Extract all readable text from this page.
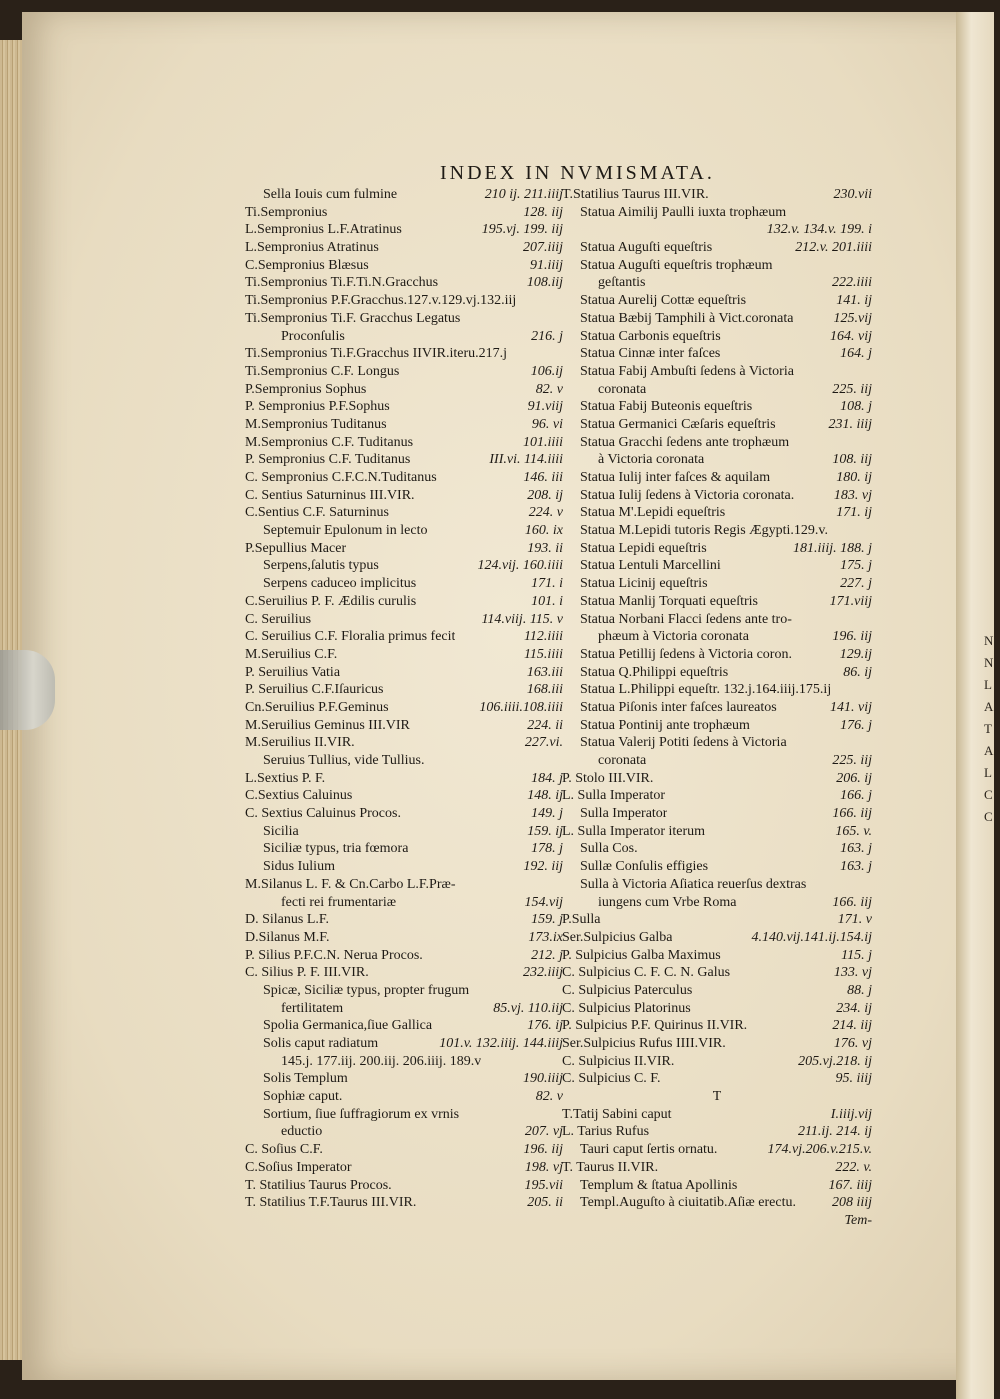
INDEX IN NVMISMATA.
Sella Iouis cum fulmine	210 ij. 211.iiij
Ti.Sempronius	128. iij
L.Sempronius L.F.Atratinus	195.vj. 199. iij
L.Sempronius Atratinus	207.iiij
C.Sempronius Blæsus	91.iiij
Ti.Sempronius Ti.F.Ti.N.Gracchus	108.iij
Ti.Sempronius P.F.Gracchus.127.v.129.vj.132.iij
Ti.Sempronius Ti.F. Gracchus Legatus
Proconſulis	216. j
Ti.Sempronius Ti.F.Gracchus IIVIR.iteru.217.j
Ti.Sempronius C.F. Longus	106.ij
P.Sempronius Sophus	82. v
P. Sempronius P.F.Sophus	91.viij
M.Sempronius Tuditanus	96. vi
M.Sempronius C.F. Tuditanus	101.iiii
P. Sempronius C.F. Tuditanus	III.vi. 114.iiii
C. Sempronius C.F.C.N.Tuditanus	146. iii
C. Sentius Saturninus III.VIR.	208. ij
C.Sentius C.F. Saturninus	224. v
Septemuir Epulonum in lecto	160. ix
P.Sepullius Macer	193. ii
Serpens,ſalutis typus	124.vij. 160.iiii
Serpens caduceo implicitus	171. i
C.Seruilius P. F. Ædilis curulis	101. i
C. Seruilius	114.viij. 115. v
C. Seruilius C.F. Floralia primus fecit	112.iiii
M.Seruilius C.F.	115.iiii
P. Seruilius Vatia	163.iii
P. Seruilius C.F.Iſauricus	168.iii
Cn.Seruilius P.F.Geminus	106.iiii.108.iiii
M.Seruilius Geminus III.VIR	224. ii
M.Seruilius II.VIR.	227.vi.
Seruius Tullius, vide Tullius.
L.Sextius P. F.	184. j
C.Sextius Caluinus	148. ij
C. Sextius Caluinus Procos.	149. j
Sicilia	159. ij
Siciliæ typus, tria fœmora	178. j
Sidus Iulium	192. iij
M.Silanus L. F. & Cn.Carbo L.F.Præ-
fecti rei frumentariæ	154.vij
D. Silanus L.F.	159. j
D.Silanus M.F.	173.ix
P. Silius P.F.C.N. Nerua Procos.	212. j
C. Silius P. F. III.VIR.	232.iiij
Spicæ, Siciliæ typus, propter frugum
fertilitatem	85.vj. 110.iij
Spolia Germanica,ſiue Gallica	176. ij
Solis caput radiatum	101.v. 132.iiij. 144.iiij
145.j. 177.iij. 200.iij. 206.iiij. 189.v
Solis Templum	190.iiij
Sophiæ caput.	82. v
Sortium, ſiue ſuffragiorum ex vrnis
eductio	207. vj
C. Soſius C.F.	196. iij
C.Soſius Imperator	198. vj
T. Statilius Taurus Procos.	195.vii
T. Statilius T.F.Taurus III.VIR.	205. ii
T.Statilius Taurus III.VIR.	230.vii
Statua Aimilij Paulli iuxta trophæum
132.v. 134.v. 199. i
Statua Auguſti equeſtris	212.v. 201.iiii
Statua Auguſti equeſtris trophæum
geſtantis	222.iiii
Statua Aurelij Cottæ equeſtris	141. ij
Statua Bæbij Tamphili à Vict.coronata	125.vij
Statua Carbonis equeſtris	164. vij
Statua Cinnæ inter faſces	164. j
Statua Fabij Ambuſti ſedens à Victoria
coronata	225. iij
Statua Fabij Buteonis equeſtris	108. j
Statua Germanici Cæſaris equeſtris	231. iiij
Statua Gracchi ſedens ante trophæum
à Victoria coronata	108. iij
Statua Iulij inter faſces & aquilam	180. ij
Statua Iulij ſedens à Victoria coronata.	183. vj
Statua M'.Lepidi equeſtris	171. ij
Statua M.Lepidi tutoris Regis Ægypti.129.v.
Statua Lepidi equeſtris	181.iiij. 188. j
Statua Lentuli Marcellini	175. j
Statua Licinij equeſtris	227. j
Statua Manlij Torquati equeſtris	171.viij
Statua Norbani Flacci ſedens ante tro-
phæum à Victoria coronata	196. iij
Statua Petillij ſedens à Victoria coron.	129.ij
Statua Q.Philippi equeſtris	86. ij
Statua L.Philippi equeſtr. 132.j.164.iiij.175.ij
Statua Piſonis inter faſces laureatos	141. vij
Statua Pontinij ante trophæum	176. j
Statua Valerij Potiti ſedens à Victoria
coronata	225. iij
P. Stolo III.VIR.	206. ij
L. Sulla Imperator	166. j
Sulla Imperator	166. iij
L. Sulla Imperator iterum	165. v.
Sulla Cos.	163. j
Sullæ Conſulis effigies	163. j
Sulla à Victoria Aſiatica reuerſus dextras
iungens cum Vrbe Roma	166. iij
P.Sulla	171. v
Ser.Sulpicius Galba	4.140.vij.141.ij.154.ij
P. Sulpicius Galba Maximus	115. j
C. Sulpicius C. F. C. N. Galus	133. vj
C. Sulpicius Paterculus	88. j
C. Sulpicius Platorinus	234. ij
P. Sulpicius P.F. Quirinus II.VIR.	214. iij
Ser.Sulpicius Rufus IIII.VIR.	176. vj
C. Sulpicius II.VIR.	205.vj.218. ij
C. Sulpicius C. F.	95. iiij
T
T.Tatij Sabini caput	I.iiij.vij
L. Tarius Rufus	211.ij. 214. ij
Tauri caput ſertis ornatu.	174.vj.206.v.215.v.
T. Taurus II.VIR.	222. v.
Templum & ſtatua Apollinis	167. iiij
Templ.Auguſto à ciuitatib.Aſiæ erectu.	208 iiij
Tem-
N
N
L
A
T
A
L
C
C
